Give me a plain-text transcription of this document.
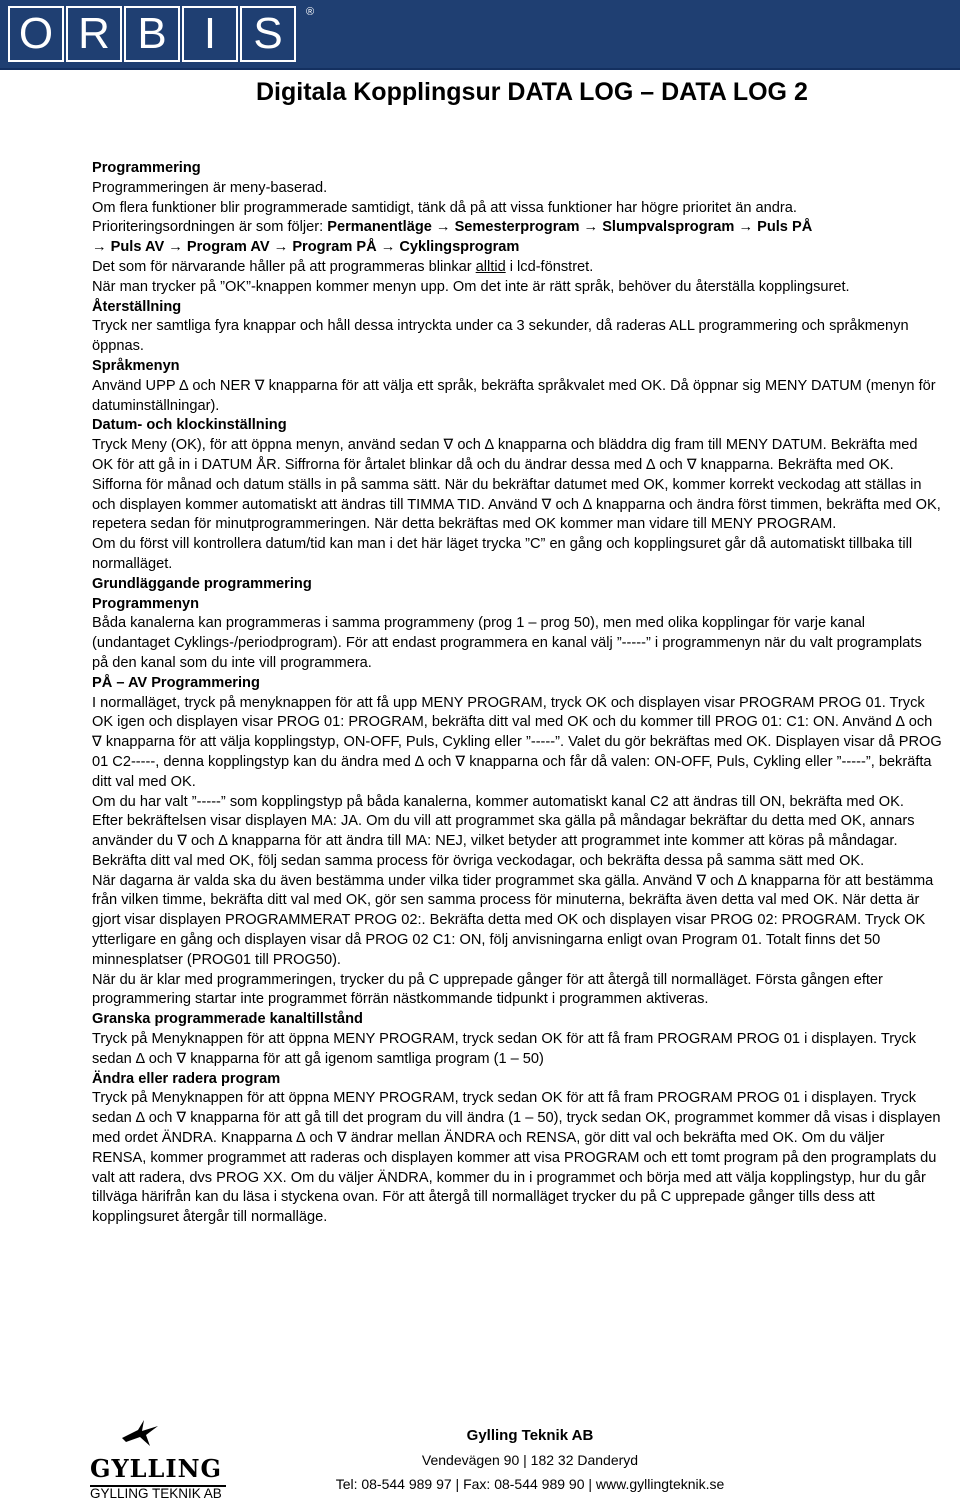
O R B I S	®
Digitala Kopplingsur DATA LOG – DATA LOG 2

Programmering

Programmeringen är meny-baserad.

Om flera funktioner blir programmerade samtidigt, tänk då på att vissa funktioner har högre prioritet än andra.

Prioriteringsordningen är som följer: Permanentläge → Semesterprogram → Slumpvalsprogram → Puls PÅ
→ Puls AV → Program AV → Program PÅ → Cyklingsprogram

Det som för närvarande håller på att programmeras blinkar alltid i lcd-fönstret.

När man trycker på ”OK”-knappen kommer menyn upp. Om det inte är rätt språk, behöver du återställa kopplingsuret.

Återställning

Tryck ner samtliga fyra knappar och håll dessa intryckta under ca 3 sekunder, då raderas ALL programmering och språkmenyn öppnas.

Språkmenyn

Använd UPP ∆ och NER ∇ knapparna för att välja ett språk, bekräfta språkvalet med OK. Då öppnar sig MENY DATUM (menyn för datuminställningar).

Datum- och klockinställning

Tryck Meny (OK), för att öppna menyn, använd sedan ∇ och ∆ knapparna och bläddra dig fram till MENY DATUM. Bekräfta med OK för att gå in i DATUM ÅR. Siffrorna för årtalet blinkar då och du ändrar dessa med ∆ och ∇ knapparna. Bekräfta med OK. Sifforna för månad och datum ställs in på samma sätt. När du bekräftar datumet med OK, kommer korrekt veckodag att ställas in och displayen kommer automatiskt att ändras till TIMMA TID. Använd ∇ och ∆ knapparna och ändra först timmen, bekräfta med OK, repetera sedan för minutprogrammeringen. När detta bekräftas med OK kommer man vidare till MENY PROGRAM.

Om du först vill kontrollera datum/tid kan man i det här läget trycka ”C” en gång och kopplingsuret går då automatiskt tillbaka till normalläget.

Grundläggande programmering

Programmenyn

Båda kanalerna kan programmeras i samma programmeny (prog 1 – prog 50), men med olika kopplingar för varje kanal (undantaget Cyklings-/periodprogram). För att endast programmera en kanal välj ”-----” i programmenyn när du valt programplats på den kanal som du inte vill programmera.

PÅ – AV Programmering

I normalläget, tryck på menyknappen för att få upp MENY PROGRAM, tryck OK och displayen visar PROGRAM PROG 01. Tryck OK igen och displayen visar PROG 01: PROGRAM, bekräfta ditt val med OK och du kommer till PROG 01: C1: ON. Använd ∆ och ∇ knapparna för att välja kopplingstyp, ON-OFF, Puls, Cykling eller ”-----”. Valet du gör bekräftas med OK. Displayen visar då PROG 01 C2-----, denna kopplingstyp kan du ändra med ∆ och ∇ knapparna och får då valen: ON-OFF, Puls, Cykling eller ”-----”, bekräfta ditt val med OK.

Om du har valt ”-----” som kopplingstyp på båda kanalerna, kommer automatiskt kanal C2 att ändras till ON, bekräfta med OK.

Efter bekräftelsen visar displayen MA: JA. Om du vill att programmet ska gälla på måndagar bekräftar du detta med OK, annars använder du ∇ och ∆ knapparna för att ändra till MA: NEJ, vilket betyder att programmet inte kommer att köras på måndagar. Bekräfta ditt val med OK, följ sedan samma process för övriga veckodagar, och bekräfta dessa på samma sätt med OK.

När dagarna är valda ska du även bestämma under vilka tider programmet ska gälla. Använd ∇ och ∆ knapparna för att bestämma från vilken timme, bekräfta ditt val med OK, gör sen samma process för minuterna, bekräfta även detta val med OK. När detta är gjort visar displayen PROGRAMMERAT PROG 02:. Bekräfta detta med OK och displayen visar PROG 02: PROGRAM. Tryck OK ytterligare en gång och displayen visar då PROG 02 C1: ON, följ anvisningarna enligt ovan Program 01. Totalt finns det 50 minnesplatser (PROG01 till PROG50).

När du är klar med programmeringen, trycker du på C upprepade gånger för att återgå till normalläget. Första gången efter programmering startar inte programmet förrän nästkommande tidpunkt i programmen aktiveras.

Granska programmerade kanaltillstånd

Tryck på Menyknappen för att öppna MENY PROGRAM, tryck sedan OK för att få fram PROGRAM PROG 01 i displayen. Tryck sedan ∆ och ∇ knapparna för att gå igenom samtliga program (1 – 50)

Ändra eller radera program

Tryck på Menyknappen för att öppna MENY PROGRAM, tryck sedan OK för att få fram PROGRAM PROG 01 i displayen. Tryck sedan ∆ och ∇ knapparna för att gå till det program du vill ändra (1 – 50), tryck sedan OK, programmet kommer då visas i displayen med ordet ÄNDRA. Knapparna ∆ och ∇ ändrar mellan ÄNDRA och RENSA, gör ditt val och bekräfta med OK. Om du väljer RENSA, kommer programmet att raderas och displayen kommer att visa PROGRAM och ett tomt program på den programplats du valt att radera, dvs PROG XX. Om du väljer ÄNDRA, kommer du in i programmet och börja med att välja kopplingstyp, hur du går tillväga härifrån kan du läsa i styckena ovan. För att återgå till normalläget trycker du på C upprepade gånger tills dess att kopplingsuret återgår till normalläge.

GYLLING
GYLLING TEKNIK AB
Gylling Teknik AB
Vendevägen 90 | 182 32 Danderyd
Tel: 08-544 989 97 | Fax: 08-544 989 90 | www.gyllingteknik.se
